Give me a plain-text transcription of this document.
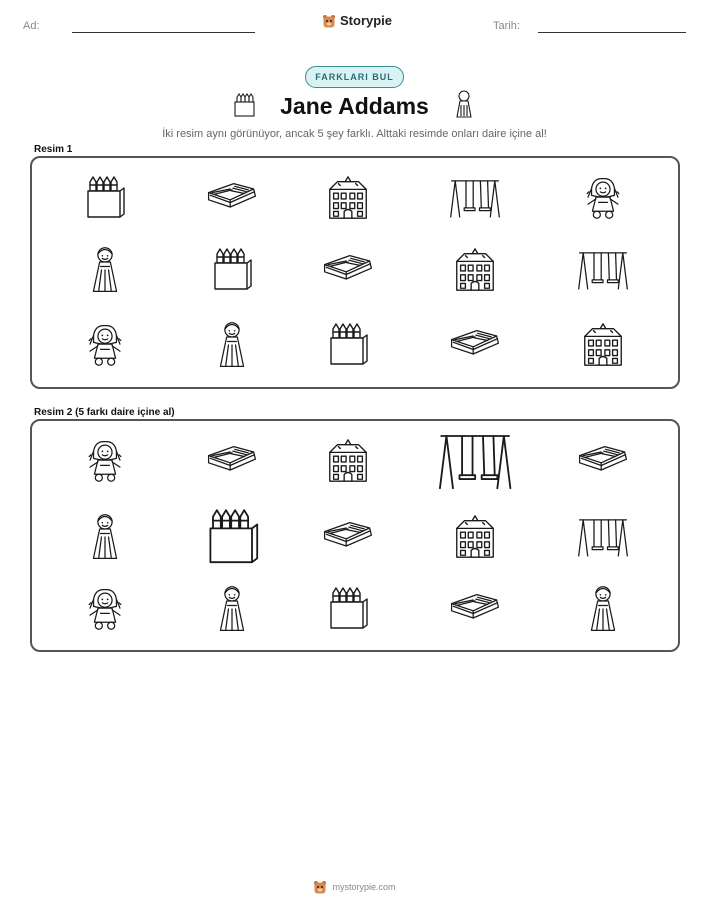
Ad:	Storypie	Tarih:
FARKLARI BUL
Jane Addams
İki resim aynı görünüyor, ancak 5 şey farklı. Alttaki resimde onları daire içine al!
Resim 1
Resim 2 (5 farkı daire içine al)
mystorypie.com
